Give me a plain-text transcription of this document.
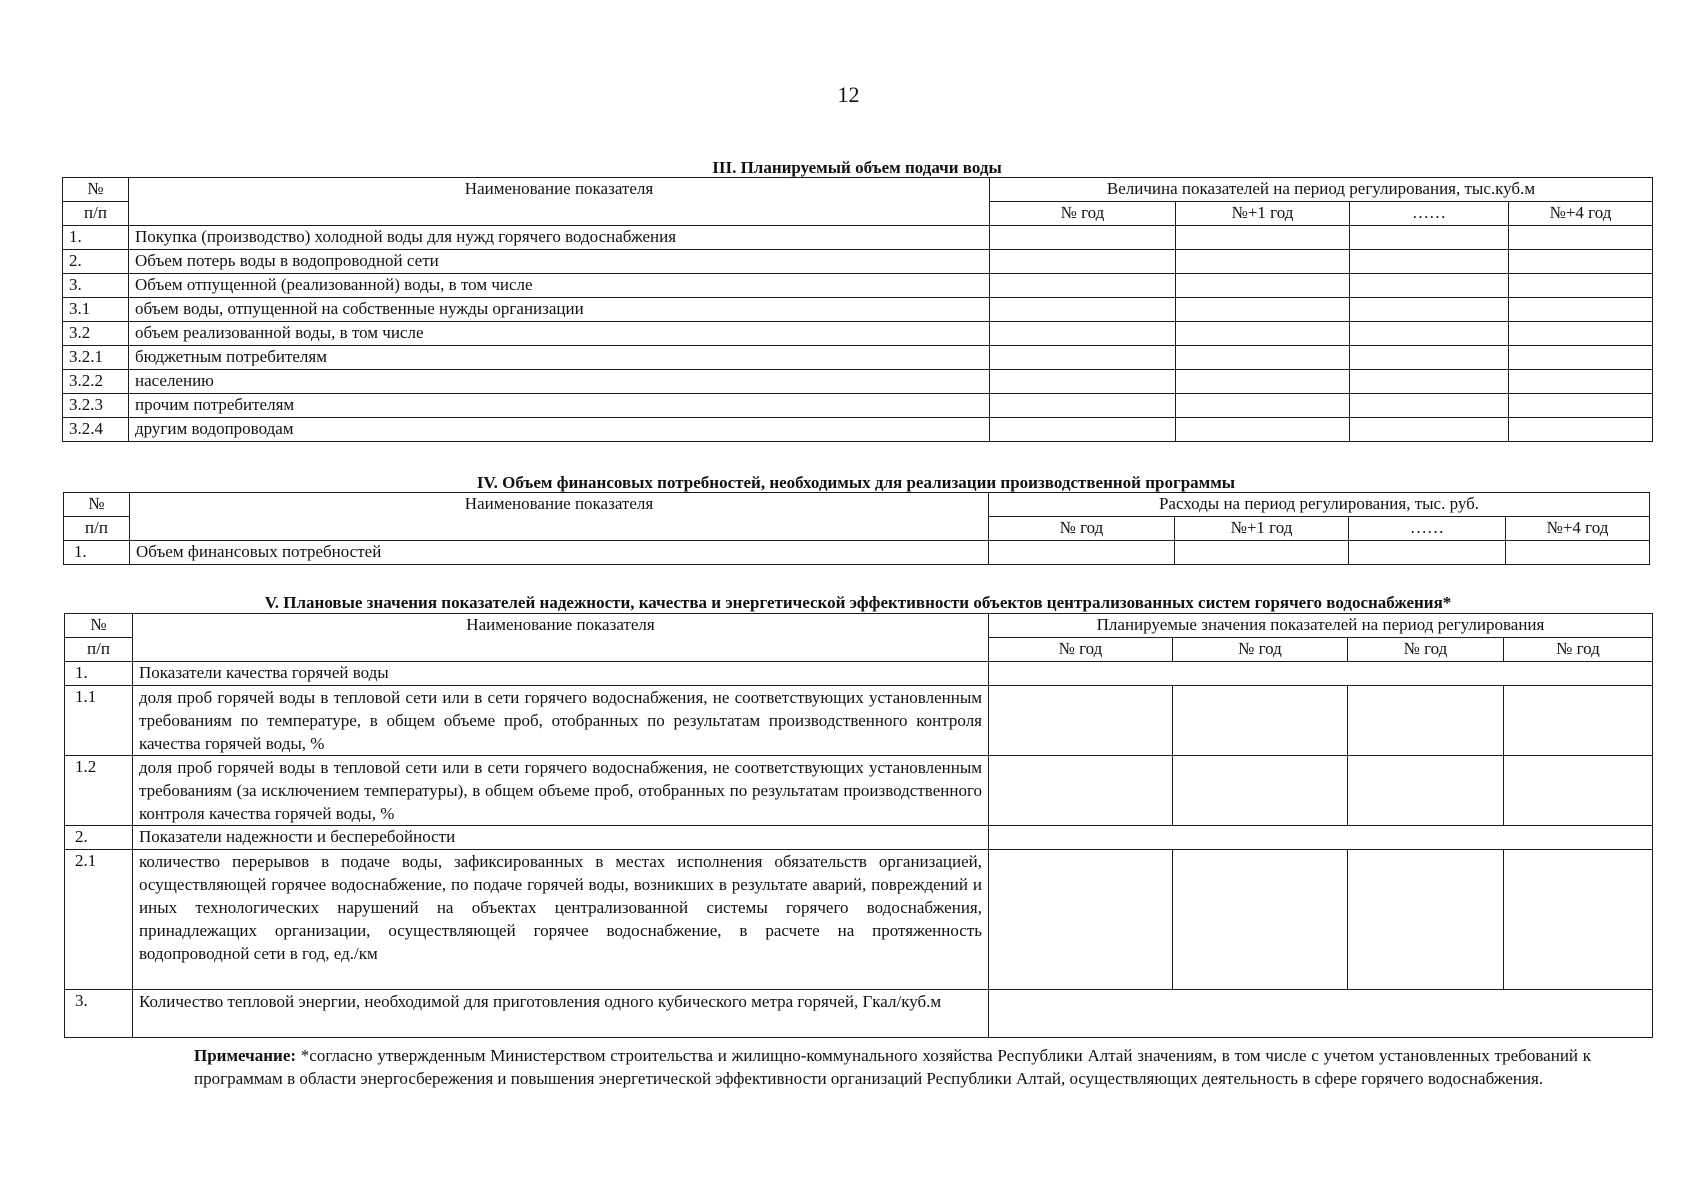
12
III. Планируемый объем подачи воды
№	Наименование показателя	Величина показателей на период регулирования, тыс.куб.м			
п/п		№ год	№+1 год	……	№+4 год
1.	Покупка (производство) холодной воды для нужд горячего водоснабжения				
2.	Объем потерь воды в водопроводной сети				
3.	Объем отпущенной (реализованной) воды, в том числе				
3.1	объем воды, отпущенной на собственные нужды организации				
3.2	объем реализованной воды, в том числе				
3.2.1	бюджетным потребителям				
3.2.2	населению				
3.2.3	прочим потребителям				
3.2.4	другим водопроводам				
IV. Объем финансовых потребностей, необходимых для реализации производственной программы
№	Наименование показателя	Расходы на период регулирования, тыс. руб.			
п/п		№ год	№+1 год	……	№+4 год
1.	Объем финансовых потребностей				
V. Плановые значения показателей надежности, качества и энергетической эффективности объектов централизованных систем горячего водоснабжения*
№	Наименование показателя	Планируемые значения показателей на период регулирования			
п/п		№ год	№ год	№ год	№ год
1.	Показатели качества горячей воды				
1.1	доля проб горячей воды в тепловой сети или в сети горячего водоснабжения, не соответствующих установленным требованиям по температуре, в общем объеме проб, отобранных по результатам производственного контроля качества горячей воды, %				
1.2	доля проб горячей воды в тепловой сети или в сети горячего водоснабжения, не соответствующих установленным требованиям (за исключением температуры), в общем объеме проб, отобранных по результатам производственного контроля качества горячей воды, %				
2.	Показатели надежности и бесперебойности				
2.1	количество перерывов в подаче воды, зафиксированных в местах исполнения обязательств организацией, осуществляющей горячее водоснабжение, по подаче горячей воды, возникших в результате аварий, повреждений и иных технологических нарушений на объектах централизованной системы горячего водоснабжения, принадлежащих организации, осуществляющей горячее водоснабжение, в расчете на протяженность водопроводной сети в год, ед./км				
3.	Количество тепловой энергии, необходимой для приготовления одного кубического метра горячей, Гкал/куб.м				
Примечание: *согласно утвержденным Министерством строительства и жилищно-коммунального хозяйства Республики Алтай значениям, в том числе с учетом установленных требований к программам в области энергосбережения и повышения энергетической эффективности организаций Республики Алтай, осуществляющих деятельность в сфере горячего водоснабжения.
